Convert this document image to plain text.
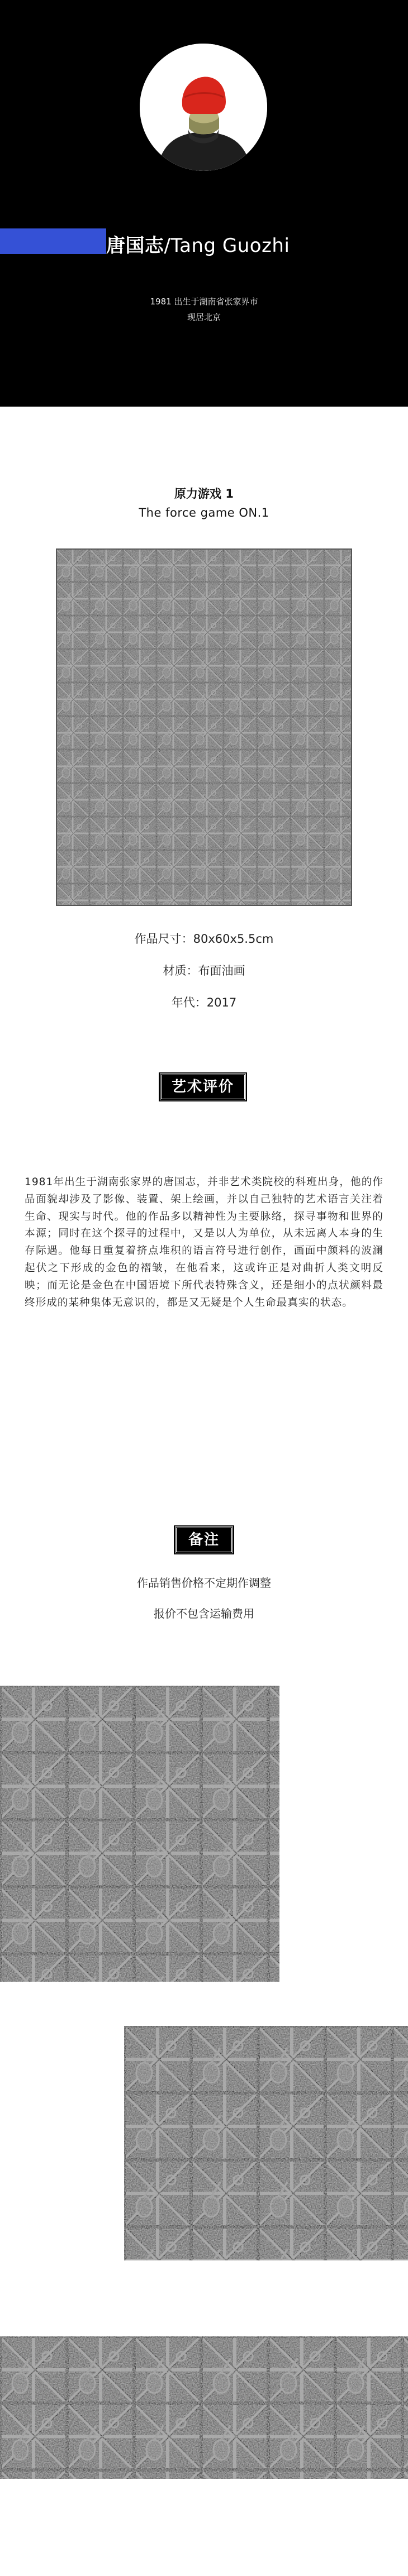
唐国志/Tang Guozhi
1981 出生于湖南省张家界市
现居北京
原力游戏 1
The force game ON.1
作品尺寸：80x60x5.5cm
材质：布面油画
年代：2017
艺术评价
1981年出生于湖南张家界的唐国志，并非艺术类院校的科班出身，他的作品面貌却涉及了影像、装置、架上绘画，并以自己独特的艺术语言关注着生命、现实与时代。他的作品多以精神性为主要脉络，探寻事物和世界的本源；同时在这个探寻的过程中，又是以人为单位，从未远离人本身的生存际遇。他每日重复着挤点堆积的语言符号进行创作，画面中颜料的波澜起伏之下形成的金色的褶皱，在他看来，这或许正是对曲折人类文明反映；而无论是金色在中国语境下所代表特殊含义，还是细小的点状颜料最终形成的某种集体无意识的，都是又无疑是个人生命最真实的状态。
备注
作品销售价格不定期作调整
报价不包含运输费用
